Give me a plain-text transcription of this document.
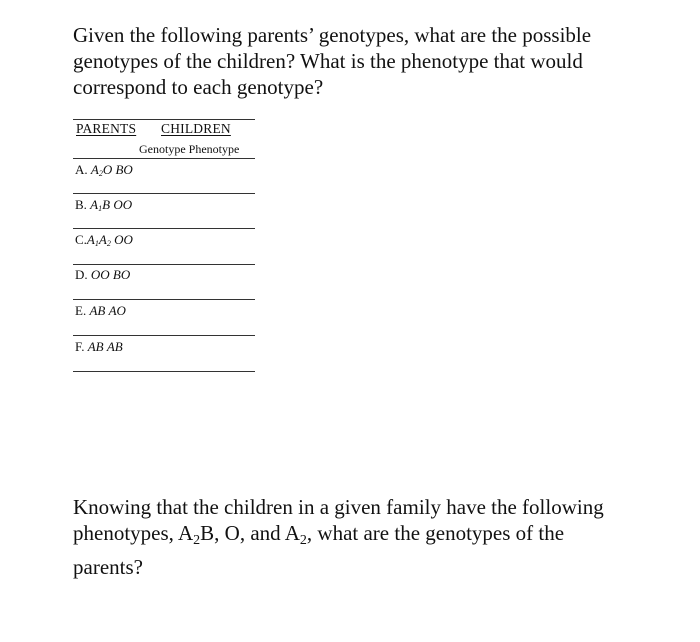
Given the following parents’ genotypes, what are the possible genotypes of the children? What is the phenotype that would correspond to each genotype?

PARENTS CHILDREN
Genotype Phenotype
A. $A_2O$ BO
B. $A_1B$ OO
$C.A_1A_2$ OO
D. OO BO
E. AB AO
F. AB AB

Knowing that the children in a given family have the following phenotypes, $A_2B$, O, and $A_2$, what are the genotypes of the parents?
